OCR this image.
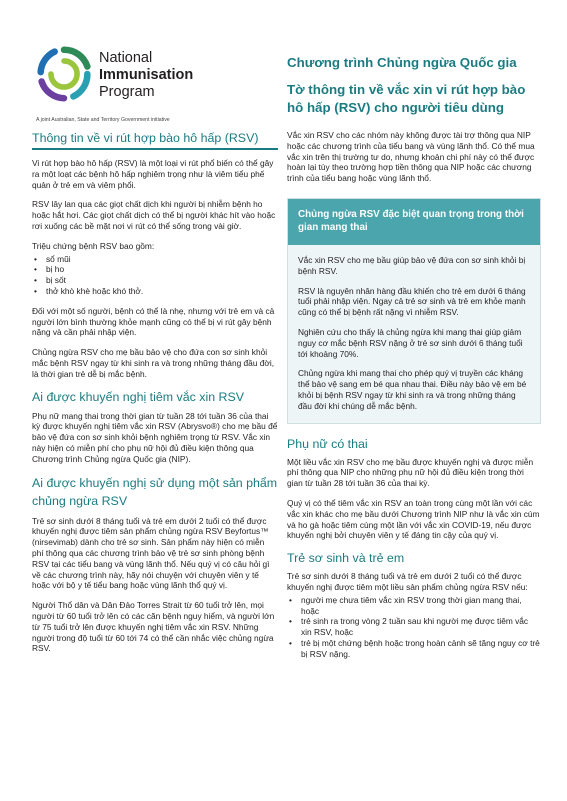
National
Immunisation
Program
A joint Australian, State and Territory Government initiative
Chương trình Chủng ngừa Quốc gia
Tờ thông tin về vắc xin vi rút hợp bào hô hấp (RSV) cho người tiêu dùng
Thông tin về vi rút hợp bào hô hấp (RSV)

Vi rút hợp bào hô hấp (RSV) là một loại vi rút phổ biến có thể gây ra một loạt các bệnh hô hấp nghiêm trọng như là viêm tiểu phế quản ở trẻ em và viêm phổi.

RSV lây lan qua các giọt chất dịch khi người bị nhiễm bệnh ho hoặc hắt hơi. Các giọt chất dịch có thể bị người khác hít vào hoặc rơi xuống các bề mặt nơi vi rút có thể sống trong vài giờ.

Triệu chứng bệnh RSV bao gồm:

• sổ mũi
• bị ho
• bị sốt
• thở khò khè hoặc khó thở.

Đối với một số người, bệnh có thể là nhẹ, nhưng với trẻ em và cả người lớn bình thường khỏe mạnh cũng có thể bị vi rút gây bệnh nặng và cần phải nhập viện.

Chủng ngừa RSV cho mẹ bầu bảo vệ cho đứa con sơ sinh khỏi mắc bệnh RSV ngay từ khi sinh ra và trong những tháng đầu đời, là thời gian trẻ dễ bị mắc bệnh.

Ai được khuyến nghị tiêm vắc xin RSV

Phụ nữ mang thai trong thời gian từ tuần 28 tới tuần 36 của thai kỳ được khuyến nghị tiêm vắc xin RSV (Abrysvo®) cho mẹ bầu để bảo vệ đứa con sơ sinh khỏi bệnh nghiêm trọng từ RSV. Vắc xin này hiện có miễn phí cho phụ nữ hội đủ điều kiện thông qua Chương trình Chủng ngừa Quốc gia (NIP).

Ai được khuyến nghị sử dụng một sản phẩm chủng ngừa RSV

Trẻ sơ sinh dưới 8 tháng tuổi và trẻ em dưới 2 tuổi có thể được khuyến nghị được tiêm sản phẩm chủng ngừa RSV Beyfortus™ (nirsevimab) dành cho trẻ sơ sinh. Sản phẩm này hiện có miễn phí thông qua các chương trình bảo vệ trẻ sơ sinh phòng bệnh RSV tại các tiểu bang và vùng lãnh thổ. Nếu quý vị có câu hỏi gì về các chương trình này, hãy nói chuyện với chuyên viên y tế hoặc với bộ y tế tiểu bang hoặc vùng lãnh thổ quý vị.

Người Thổ dân và Dân Đảo Torres Strait từ 60 tuổi trở lên, mọi người từ 60 tuổi trở lên có các căn bệnh nguy hiểm, và người lớn từ 75 tuổi trở lên được khuyến nghị tiêm vắc xin RSV. Những người trong độ tuổi từ 60 tới 74 có thể cần nhắc việc chủng ngừa RSV.

Vắc xin RSV cho các nhóm này không được tài trợ thông qua NIP hoặc các chương trình của tiểu bang và vùng lãnh thổ. Có thể mua vắc xin trên thị trường tư do, nhưng khoản chi phí này có thể được hoàn lại tùy theo trường hợp tiền thông qua NIP hoặc các chương trình của tiểu bang hoặc vùng lãnh thổ.

Chủng ngừa RSV đặc biệt quan trọng trong thời gian mang thai

Vắc xin RSV cho mẹ bầu giúp bảo vệ đứa con sơ sinh khỏi bị bệnh RSV.

RSV là nguyên nhân hàng đầu khiến cho trẻ em dưới 6 tháng tuổi phải nhập viện. Ngay cả trẻ sơ sinh và trẻ em khỏe mạnh cũng có thể bị bệnh rất nặng vì nhiễm RSV.

Nghiên cứu cho thấy là chủng ngừa khi mang thai giúp giảm nguy cơ mắc bệnh RSV nặng ở trẻ sơ sinh dưới 6 tháng tuổi tới khoảng 70%.

Chủng ngừa khi mang thai cho phép quý vị truyền các kháng thể bảo vệ sang em bé qua nhau thai. Điều này bảo vệ em bé khỏi bị bệnh RSV ngay từ khi sinh ra và trong những tháng đầu đời khi chúng dễ mắc bệnh.

Phụ nữ có thai

Một liều vắc xin RSV cho mẹ bầu được khuyến nghị và được miễn phí thông qua NIP cho những phụ nữ hội đủ điều kiện trong thời gian từ tuần 28 tới tuần 36 của thai kỳ.

Quý vị có thể tiêm vắc xin RSV an toàn trong cùng một lần với các vắc xin khác cho mẹ bầu dưới Chương trình NIP như là vắc xin cúm và ho gà hoặc tiêm cùng một lần với vắc xin COVID-19, nếu được khuyến nghị bởi chuyên viên y tế đáng tin cậy của quý vị.

Trẻ sơ sinh và trẻ em

Trẻ sơ sinh dưới 8 tháng tuổi và trẻ em dưới 2 tuổi có thể được khuyến nghị được tiêm một liều sản phẩm chủng ngừa RSV nếu:

• người mẹ chưa tiêm vắc xin RSV trong thời gian mang thai, hoặc
• trẻ sinh ra trong vòng 2 tuần sau khi người mẹ được tiêm vắc xin RSV, hoặc
• trẻ bị một chứng bệnh hoặc trong hoàn cảnh sẽ tăng nguy cơ trẻ bị RSV nặng.
